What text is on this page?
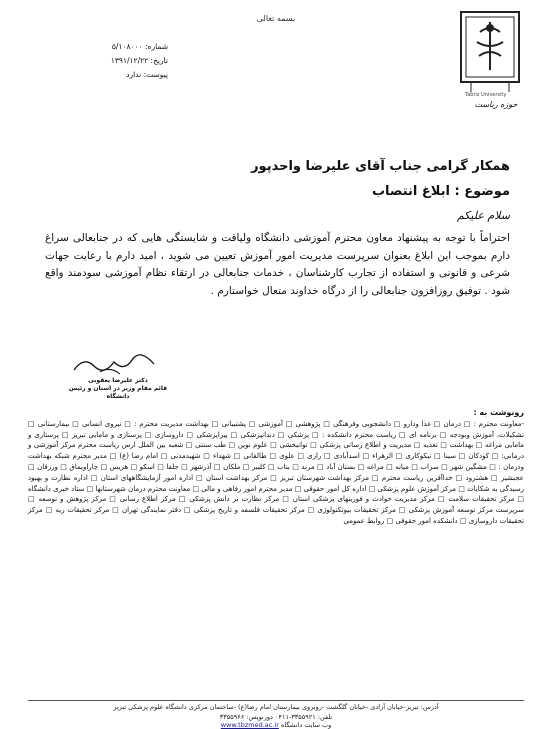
بسمه تعالی
Tabriz University
حوزه ریاست
شماره: ۵/۱۰۸۰۰۰
تاریخ: ۱۳۹۱/۱۲/۲۲
پیوست: ندارد
همکار گرامی جناب آقای علیرضا واحدپور
موضوع : ابلاغ انتصاب
سلام علیکم
احتراماً با توجه به پیشنهاد معاون محترم آموزشی دانشگاه ولیاقت و شایستگی هایی که در جنابعالی سراغ دارم بموجب این ابلاغ بعنوان سرپرست مدیریت امور آموزش تعیین می شوید ، امید دارم با رعایت جهات شرعی و قانونی و استفاده از تجارب کارشناسان ، خدمات جنابعالی در ارتقاء نظام آموزشی سودمند واقع شود . توفیق روزافزون جنابعالی را از درگاه خداوند متعال خواستارم .
دکتر علیرضا یعقوبی
قائم مقام وزیر در استان و رئیس دانشگاه
رونوشت به :
-معاونت محترم : □ درمان □ غذا ودارو □ دانشجویی وفرهنگی □ پژوهشی □ آموزشی □ پشتیبانی □ بهداشت مدیریت محترم : □ نیروی انسانی □ بیمارستانی □ تشکیلات، آموزش وبودجه □ برنامه ای □ ریاست محترم دانشکده : □ پزشکی □ دندانپزشکی □ پیراپزشکی □ داروسازی □ پرستاری و مامایی تبریز □ پرستاری و مامایی مراغه □ بهداشت □ تغذیه □ مدیریت و اطلاع رسانی پزشکی □ توانبخشی □ علوم نوین □ طب سنتی □ شعبه بین الملل ارس ریاست محترم مرکز آموزشی و درمانی: □ کودکان □ سینا □ نیکوکاری □ الزهراء □ اسدآبادی □ رازی □ علوی □ طالقانی □ شهداء □ شهیدمدنی □ امام رضا (ع) □ مدیر محترم شبکه بهداشت ودرمان : □ مشگین شهر □ سراب □ میانه □ مراغه □ بستان آباد □ مرند □ بناب □ کلیبر □ ملکان □ آذرشهر □ جلفا □ اسکو □ هریس □ چاراویماق □ ورزقان □ عجبشیر □ هشترود □ خداآفرین ریاست محترم □ مرکز بهداشت شهرستان تبریز □ مرکز بهداشت استان □ اداره امور آزمایشگاههای استان □ اداره نظارت و بهبود رسیدگی به شکایات □ مرکز آموزش علوم پزشکی □ اداره کل امور حقوقی □ مدیر محترم امور رفاهی و مالی □ معاونت محترم درمان شهرستانها □ ستاد خبری دانشگاه □ مرکز تحقیقات سلامت □ مرکز مدیریت حوادث و فوریتهای پزشکی استان □ مرکز نظارت بر دانش پزشکی □ مرکز اطلاع رسانی □ مرکز پژوهش و توسعه □ سرپرست مرکز توسعه آموزش پزشکی □ مرکز تحقیقات بیوتکنولوژی □ مرکز تحقیقات فلسفه و تاریخ پزشکی □ دفتر نمایندگی تهران □ مرکز تحقیقات ریه □ مرکز تحقیقات داروسازی □ دانشکده امور حقوقی □ روابط عمومی
آدرس: تبریز-خیابان آزادی -خیابان گلگشت -روبروی بیمارستان امام رضا(ع) -ساختمان مرکزی دانشگاه علوم پزشکی تبریز
تلفن: ۳۳۵۵۹۲۱-۰۴۱۱ دورنویس: ۳۳۵۵۹۶۶
www.tbzmed.ac.ir وب سایت دانشگاه
